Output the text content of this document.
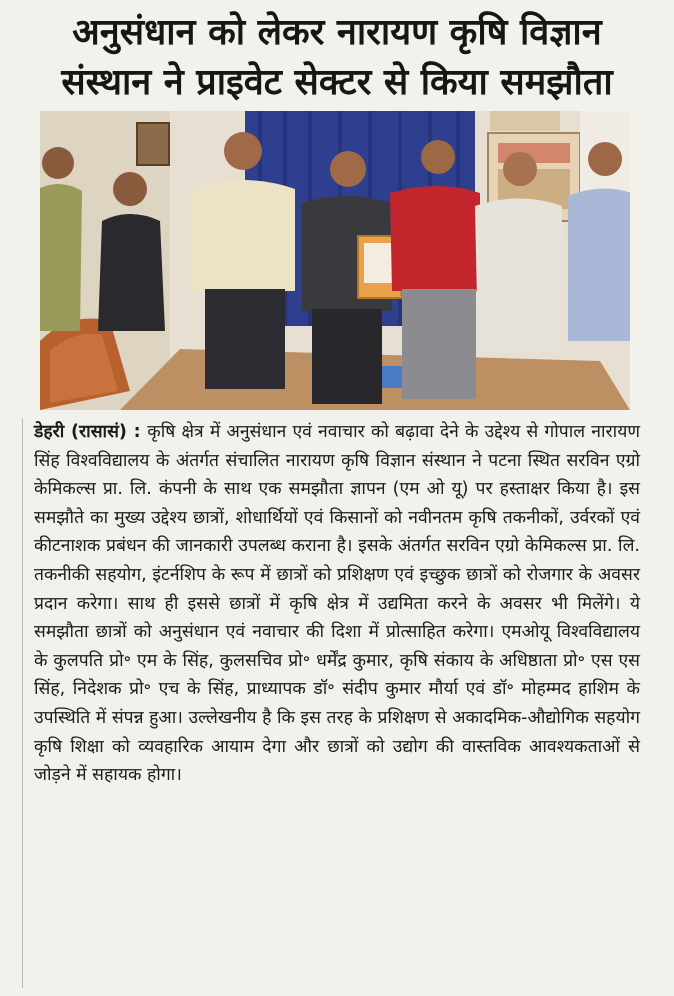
अनुसंधान को लेकर नारायण कृषि विज्ञान
संस्थान ने प्राइवेट सेक्टर से किया समझौता
डेहरी (रासासं) : कृषि क्षेत्र में अनुसंधान एवं नवाचार को बढ़ावा देने के उद्देश्य से गोपाल नारायण सिंह विश्वविद्यालय के अंतर्गत संचालित नारायण कृषि विज्ञान संस्थान ने पटना स्थित सरविन एग्रो केमिकल्स प्रा. लि. कंपनी के साथ एक समझौता ज्ञापन (एम ओ यू) पर हस्ताक्षर किया है। इस समझौते का मुख्य उद्देश्य छात्रों, शोधार्थियों एवं किसानों को नवीनतम कृषि तकनीकों, उर्वरकों एवं कीटनाशक प्रबंधन की जानकारी उपलब्ध कराना है। इसके अंतर्गत सरविन एग्रो केमिकल्स प्रा. लि. तकनीकी सहयोग, इंटर्नशिप के रूप में छात्रों को प्रशिक्षण एवं इच्छुक छात्रों को रोजगार के अवसर प्रदान करेगा। साथ ही इससे छात्रों में कृषि क्षेत्र में उद्यमिता करने के अवसर भी मिलेंगे। ये समझौता छात्रों को अनुसंधान एवं नवाचार की दिशा में प्रोत्साहित करेगा। एमओयू विश्वविद्यालय के कुलपति प्रो॰ एम के सिंह, कुलसचिव प्रो॰ धर्मेंद्र कुमार, कृषि संकाय के अधिष्ठाता प्रो॰ एस एस सिंह, निदेशक प्रो॰ एच के सिंह, प्राध्यापक डॉ॰ संदीप कुमार मौर्या एवं डॉ॰ मोहम्मद हाशिम के उपस्थिति में संपन्न हुआ। उल्लेखनीय है कि इस तरह के प्रशिक्षण से अकादमिक-औद्योगिक सहयोग कृषि शिक्षा को व्यवहारिक आयाम देगा और छात्रों को उद्योग की वास्तविक आवश्यकताओं से जोड़ने में सहायक होगा।
